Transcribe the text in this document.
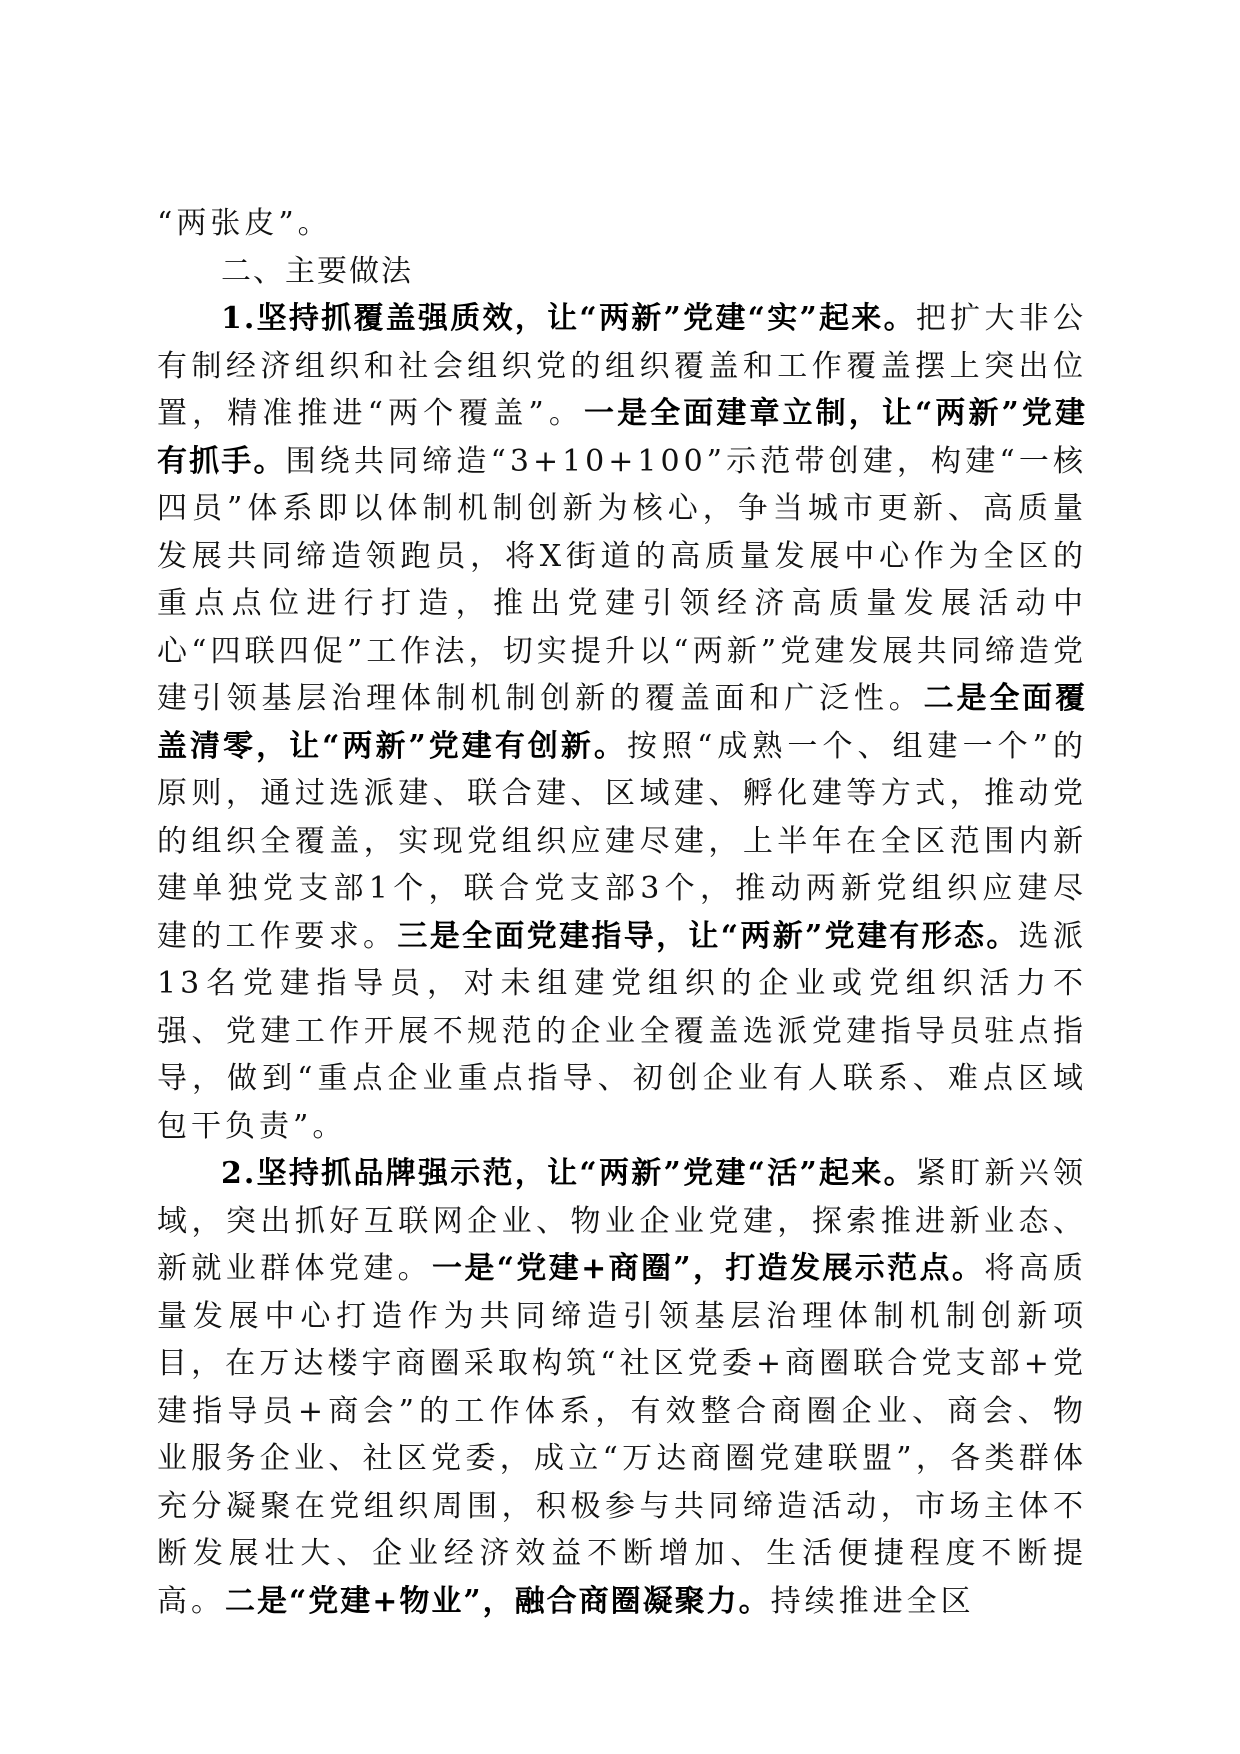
“两张皮”。

二、主要做法

1.坚持抓覆盖强质效，让“两新”党建“实”起来。把扩大非公有制经济组织和社会组织党的组织覆盖和工作覆盖摆上突出位置，精准推进“两个覆盖”。一是全面建章立制，让“两新”党建有抓手。围绕共同缔造“3+10+100”示范带创建，构建“一核四员”体系即以体制机制创新为核心，争当城市更新、高质量发展共同缔造领跑员，将X街道的高质量发展中心作为全区的重点点位进行打造，推出党建引领经济高质量发展活动中心“四联四促”工作法，切实提升以“两新”党建发展共同缔造党建引领基层治理体制机制创新的覆盖面和广泛性。二是全面覆盖清零，让“两新”党建有创新。按照“成熟一个、组建一个”的原则，通过选派建、联合建、区域建、孵化建等方式，推动党的组织全覆盖，实现党组织应建尽建，上半年在全区范围内新建单独党支部1个，联合党支部3个，推动两新党组织应建尽建的工作要求。三是全面党建指导，让“两新”党建有形态。选派13名党建指导员，对未组建党组织的企业或党组织活力不强、党建工作开展不规范的企业全覆盖选派党建指导员驻点指导，做到“重点企业重点指导、初创企业有人联系、难点区域包干负责”。

2.坚持抓品牌强示范，让“两新”党建“活”起来。紧盯新兴领域，突出抓好互联网企业、物业企业党建，探索推进新业态、新就业群体党建。一是“党建+商圈”，打造发展示范点。将高质量发展中心打造作为共同缔造引领基层治理体制机制创新项目，在万达楼宇商圈采取构筑“社区党委+商圈联合党支部+党建指导员+商会”的工作体系，有效整合商圈企业、商会、物业服务企业、社区党委，成立“万达商圈党建联盟”，各类群体充分凝聚在党组织周围，积极参与共同缔造活动，市场主体不断发展壮大、企业经济效益不断增加、生活便捷程度不断提高。二是“党建+物业”，融合商圈凝聚力。持续推进全区
